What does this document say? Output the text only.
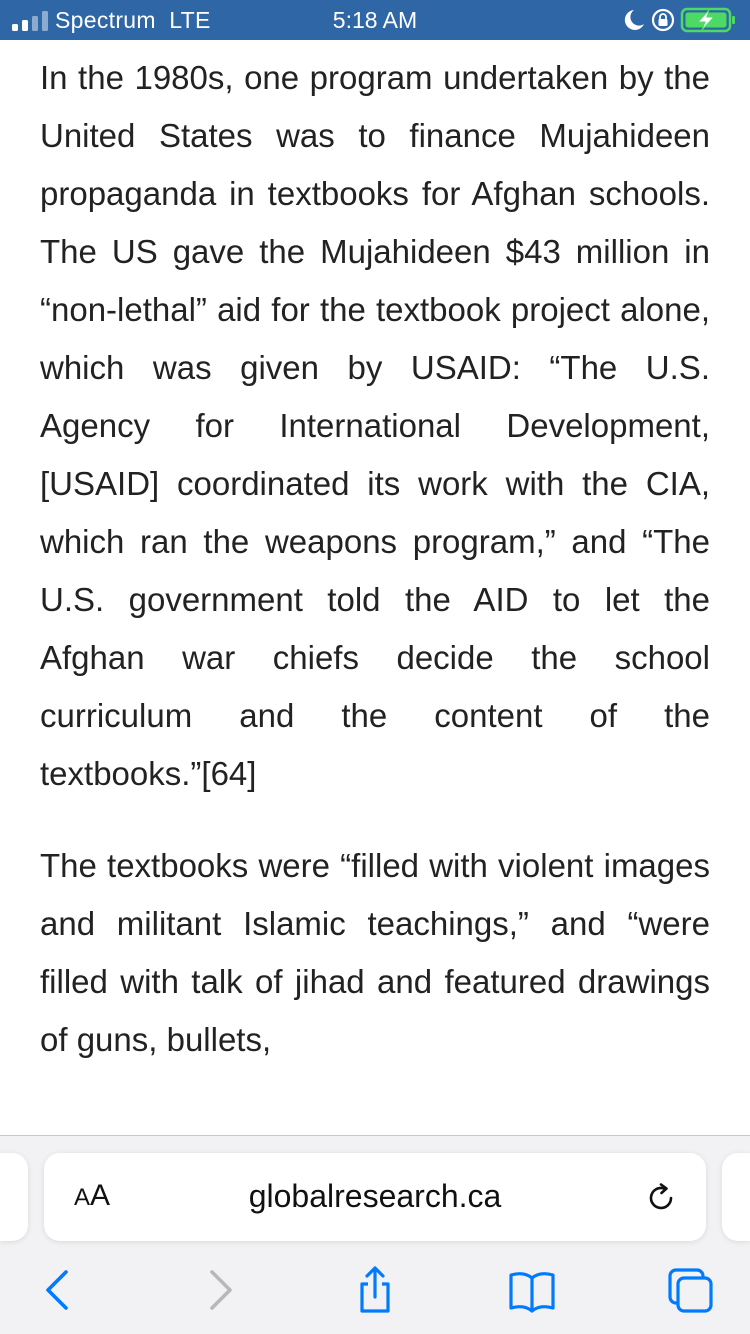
Spectrum LTE	5:18 AM

In the 1980s, one program undertaken by the United States was to finance Mujahideen propaganda in textbooks for Afghan schools. The US gave the Mujahideen $43 million in “non-lethal” aid for the textbook project alone, which was given by USAID: “The U.S. Agency for International Development, [USAID] coordinated its work with the CIA, which ran the weapons program,” and “The U.S. government told the AID to let the Afghan war chiefs decide the school curriculum and the content of the textbooks.”[64]

The textbooks were “filled with violent images and militant Islamic teachings,” and “were filled with talk of jihad and featured drawings of guns, bullets,

AA	globalresearch.ca
